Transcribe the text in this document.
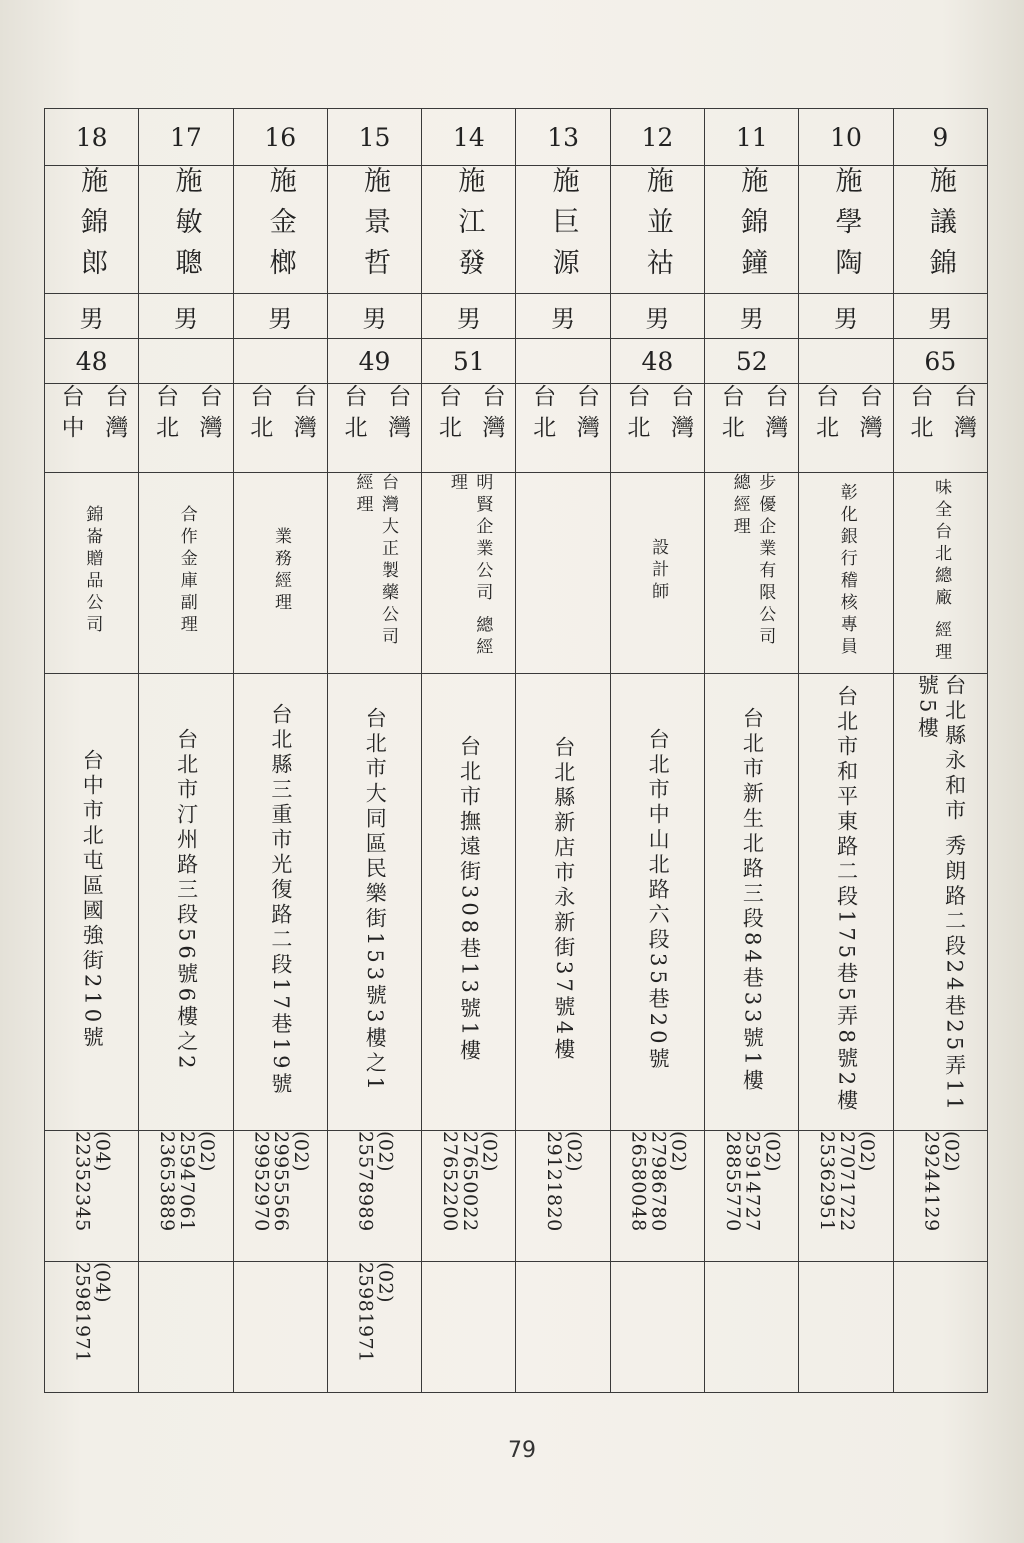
18	17	16	15	14	13	12	11	10	9
施錦郎	施敏聰	施金榔	施景哲	施江發	施巨源	施並祜	施錦鐘	施學陶	施議錦
男	男	男	男	男	男	男	男	男	男
48			49	51		48	52		65
台灣 台中	台灣 台北	台灣 台北	台灣 台北	台灣 台北	台灣 台北	台灣 台北	台灣 台北	台灣 台北	台灣 台北
錦崙贈品公司	合作金庫副理	業務經理	台灣大正製藥公司 經理	明賢企業公司 總經理		設計師	步優企業有限公司 總經理	彰化銀行稽核專員	味全台北總廠 經理
台中市北屯區國強街210號	台北市汀州路三段56號6樓之2	台北縣三重市光復路二段17巷19號	台北市大同區民樂街153號3樓之1	台北市撫遠街308巷13號1樓	台北縣新店市永新街37號4樓	台北市中山北路六段35巷20號	台北市新生北路三段84巷33號1樓	台北市和平東路二段175巷5弄8號2樓	台北縣永和市 秀朗路二段24巷25弄11號5樓
(04) 22352345	(02) 25947061 23653889	(02) 29955566 29952970	(02) 25578989	(02) 27650022 27652200	(02) 29121820	(02) 27986780 26580048	(02) 25914727 28855770	(02) 27071722 25362951	(02) 29244129
(04) 25981971			(02) 25981971						
79
